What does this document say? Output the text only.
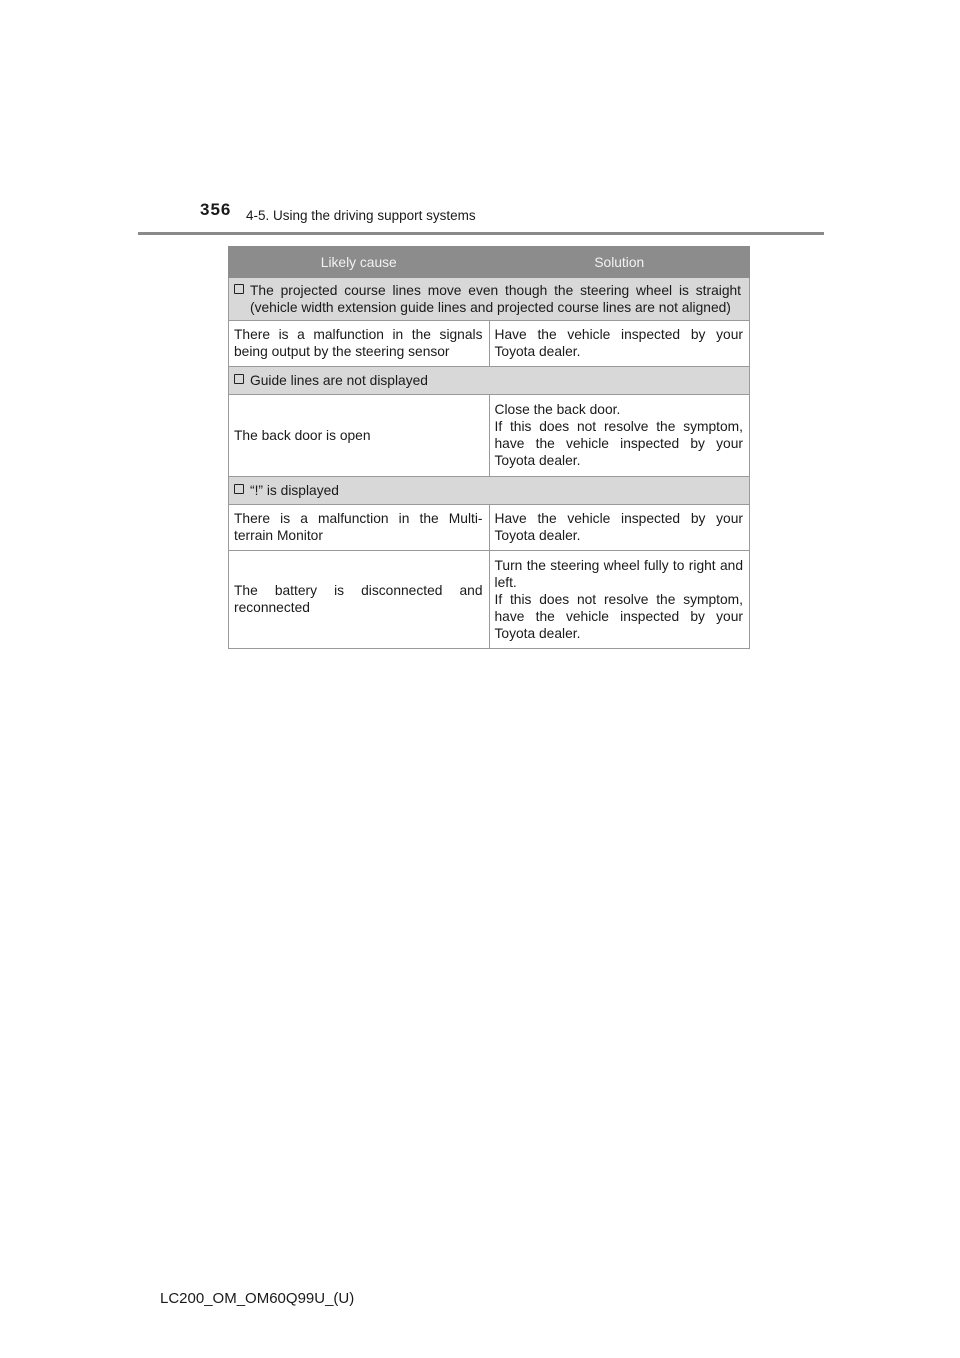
356 4-5. Using the driving support systems
Likely cause	Solution

The projected course lines move even though the steering wheel is straight (vehicle width extension guide lines and projected course lines are not aligned)	

There is a malfunction in the signals being output by the steering sensor	Have the vehicle inspected by your Toyota dealer.

Guide lines are not displayed	

The back door is open	Close the back door.
If this does not resolve the symptom, have the vehicle inspected by your Toyota dealer.

“!” is displayed	

There is a malfunction in the Multi-terrain Monitor	Have the vehicle inspected by your Toyota dealer.

The battery is disconnected and reconnected	Turn the steering wheel fully to right and left.
If this does not resolve the symptom, have the vehicle inspected by your Toyota dealer.
LC200_OM_OM60Q99U_(U)
